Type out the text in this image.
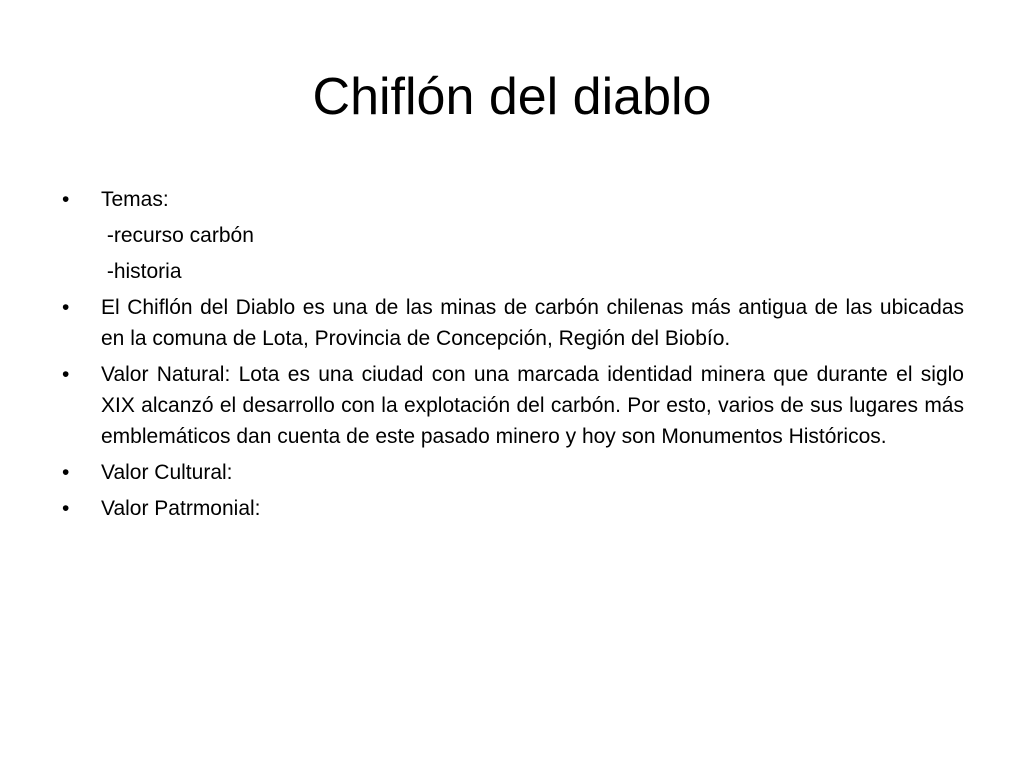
Chiflón del diablo
•	Temas:
-recurso carbón
-historia
•	El Chiflón del Diablo es una de las minas de carbón chilenas más antigua de las ubicadas en la comuna de Lota, Provincia de Concepción, Región del Biobío.
•	Valor Natural: Lota es una ciudad con una marcada identidad minera que durante el siglo XIX alcanzó el desarrollo con la explotación del carbón. Por esto, varios de sus lugares más emblemáticos dan cuenta de este pasado minero y hoy son Monumentos Históricos.
•	Valor Cultural:
•	Valor Patrmonial:
